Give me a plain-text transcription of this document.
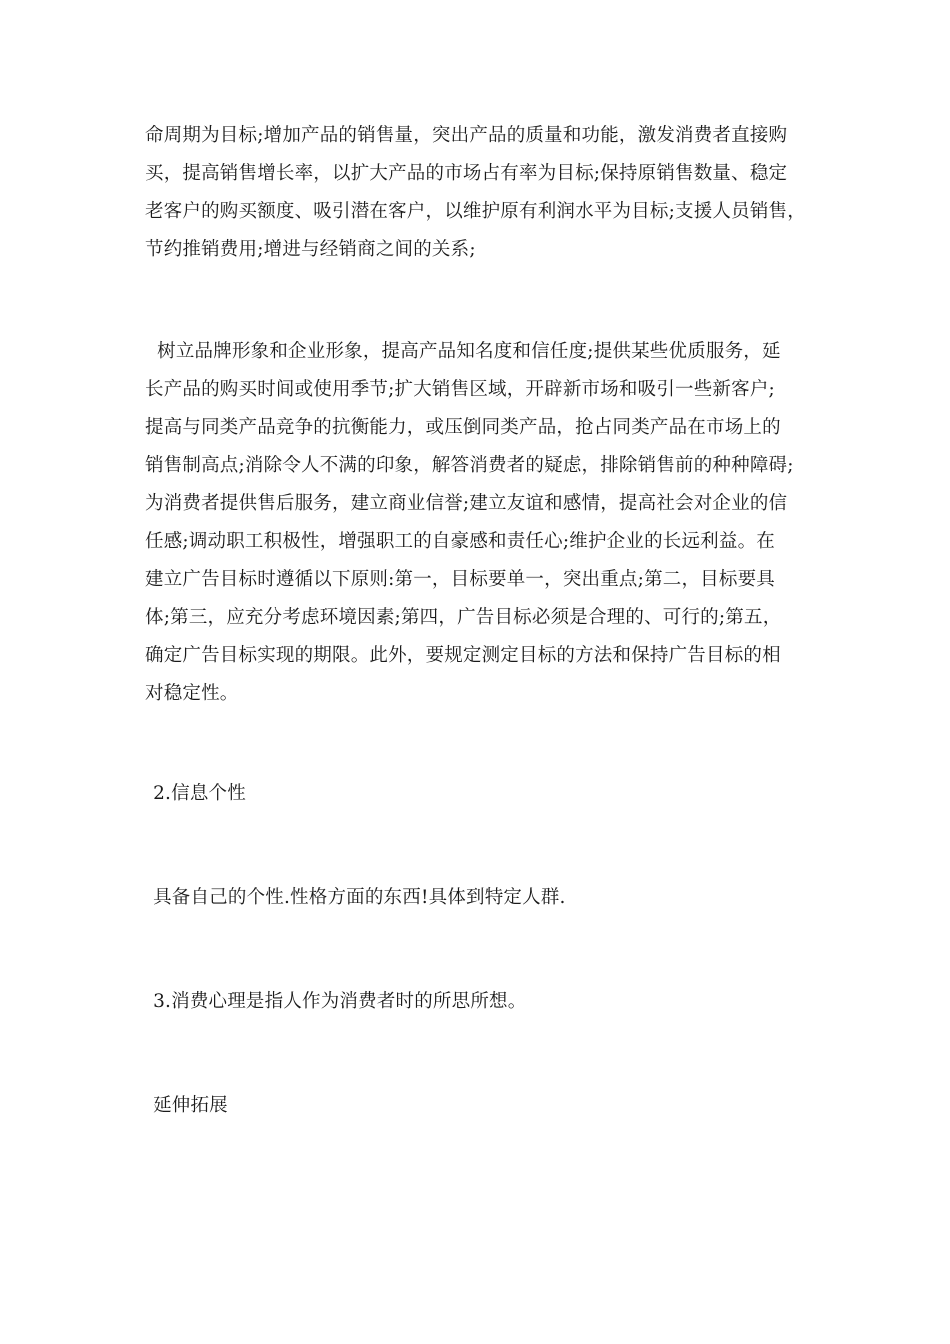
命周期为目标;增加产品的销售量，突出产品的质量和功能，激发消费者直接购
买，提高销售增长率，以扩大产品的市场占有率为目标;保持原销售数量、稳定
老客户的购买额度、吸引潜在客户，以维护原有利润水平为目标;支援人员销售，
节约推销费用;增进与经销商之间的关系;
树立品牌形象和企业形象，提高产品知名度和信任度;提供某些优质服务，延
长产品的购买时间或使用季节;扩大销售区域，开辟新市场和吸引一些新客户;
提高与同类产品竞争的抗衡能力，或压倒同类产品，抢占同类产品在市场上的
销售制高点;消除令人不满的印象，解答消费者的疑虑，排除销售前的种种障碍;
为消费者提供售后服务，建立商业信誉;建立友谊和感情，提高社会对企业的信
任感;调动职工积极性，增强职工的自豪感和责任心;维护企业的长远利益。在
建立广告目标时遵循以下原则:第一，目标要单一，突出重点;第二，目标要具
体;第三，应充分考虑环境因素;第四，广告目标必须是合理的、可行的;第五，
确定广告目标实现的期限。此外，要规定测定目标的方法和保持广告目标的相
对稳定性。
2.信息个性
具备自己的个性.性格方面的东西!具体到特定人群.
3.消费心理是指人作为消费者时的所思所想。
延伸拓展
